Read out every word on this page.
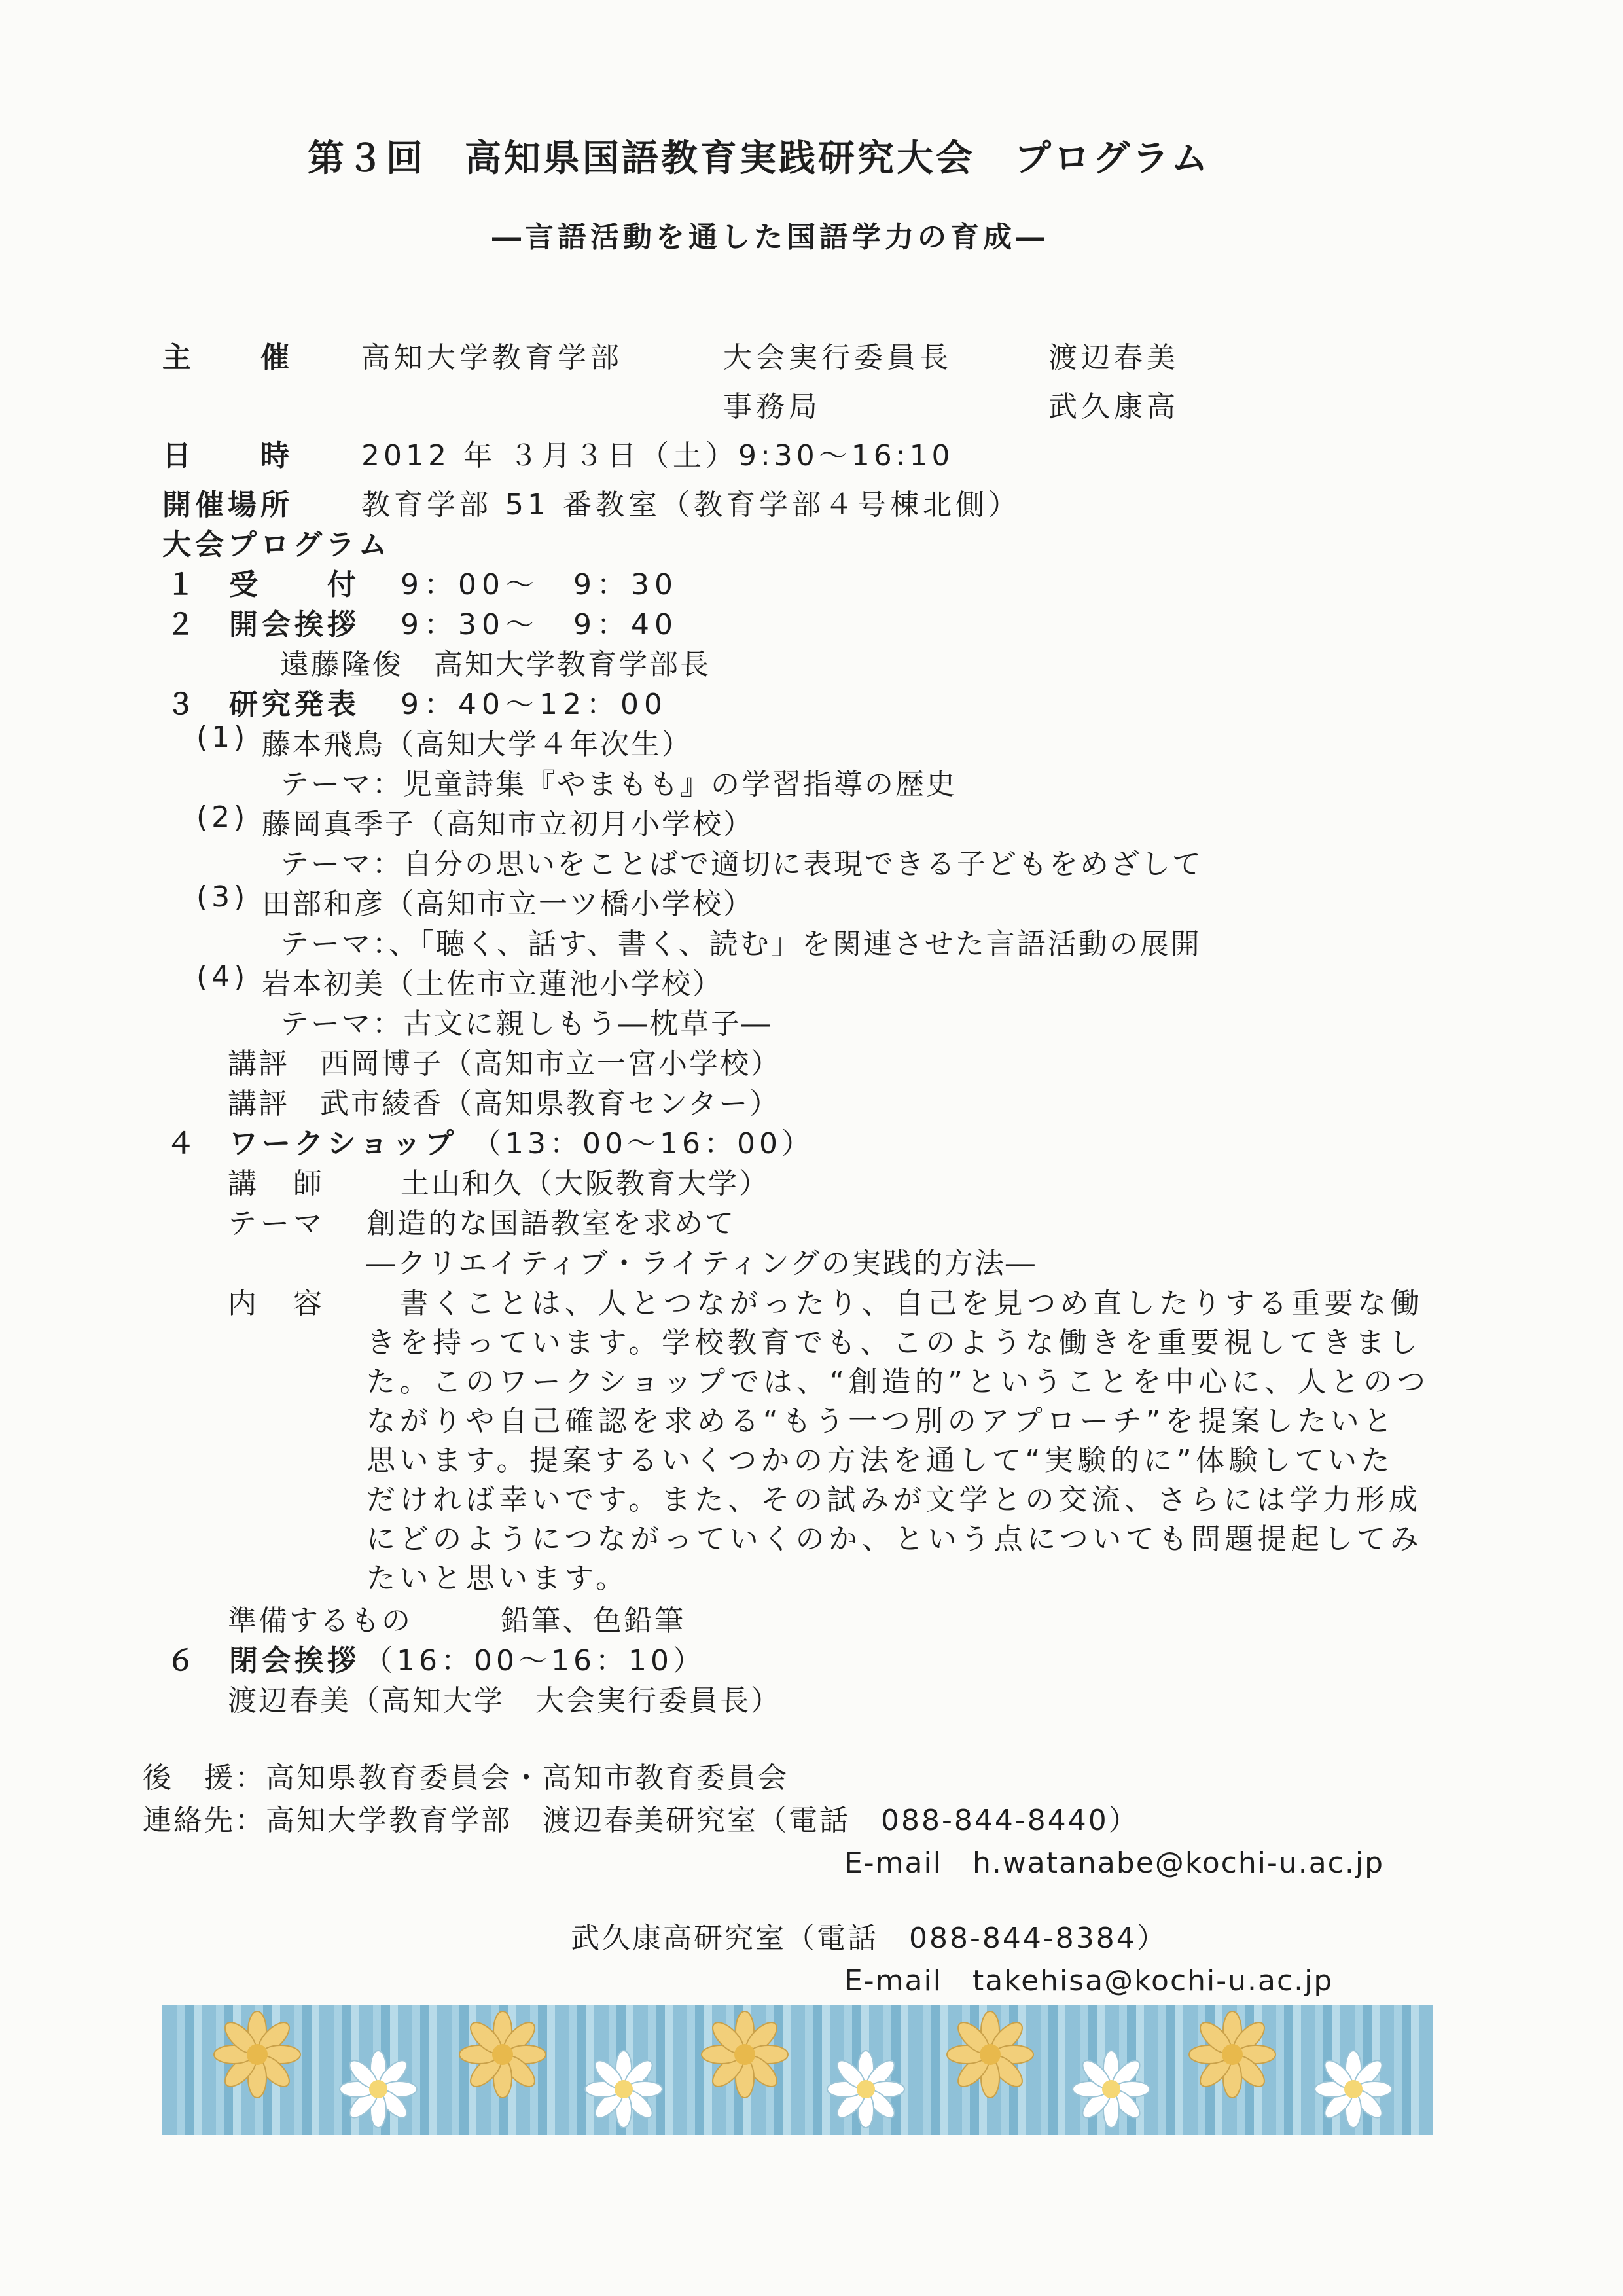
第３回　高知県国語教育実践研究大会　プログラム
―言語活動を通した国語学力の育成―
主　　催 高知大学教育学部	大会実行委員長	渡辺春美
事務局	武久康高
日　　時 2012 年 ３月３日（土）9:30～16:10
開催場所 教育学部 51 番教室（教育学部４号棟北側）
大会プログラム
１ 受　　付 9：00～　9：30
２ 開会挨拶 9：30～　9：40
遠藤隆俊　高知大学教育学部長
３ 研究発表 9：40～12：00
(1) 藤本飛鳥（高知大学４年次生）
テーマ：児童詩集『やまもも』の学習指導の歴史
(2) 藤岡真季子（高知市立初月小学校）
テーマ：自分の思いをことばで適切に表現できる子どもをめざして
(3) 田部和彦（高知市立一ツ橋小学校）
テーマ：、「聴く、話す、書く、読む」を関連させた言語活動の展開
(4) 岩本初美（土佐市立蓮池小学校）
テーマ：古文に親しもう―枕草子―
講評　西岡博子（高知市立一宮小学校）
講評　武市綾香（高知県教育センター）
４ ワークショップ （13：00～16：00）
講　師	土山和久（大阪教育大学）
テーマ 創造的な国語教室を求めて
―クリエイティブ・ライティングの実践的方法―
内　容 　書くことは、人とつながったり、自己を見つめ直したりする重要な働
きを持っています。学校教育でも、このような働きを重要視してきまし
た。このワークショップでは、“創造的”ということを中心に、人とのつ
ながりや自己確認を求める“もう一つ別のアプローチ”を提案したいと
思います。提案するいくつかの方法を通して“実験的に”体験していた
だければ幸いです。また、その試みが文学との交流、さらには学力形成
にどのようにつながっていくのか、という点についても問題提起してみ
たいと思います。
準備するもの	鉛筆、色鉛筆
６ 閉会挨拶 （16：00～16：10）
渡辺春美（高知大学　大会実行委員長）
後　援：高知県教育委員会・高知市教育委員会
連絡先：高知大学教育学部　渡辺春美研究室（電話　088-844-8440）
E-mail　h.watanabe@kochi-u.ac.jp
武久康高研究室（電話　088-844-8384）
E-mail　takehisa@kochi-u.ac.jp
